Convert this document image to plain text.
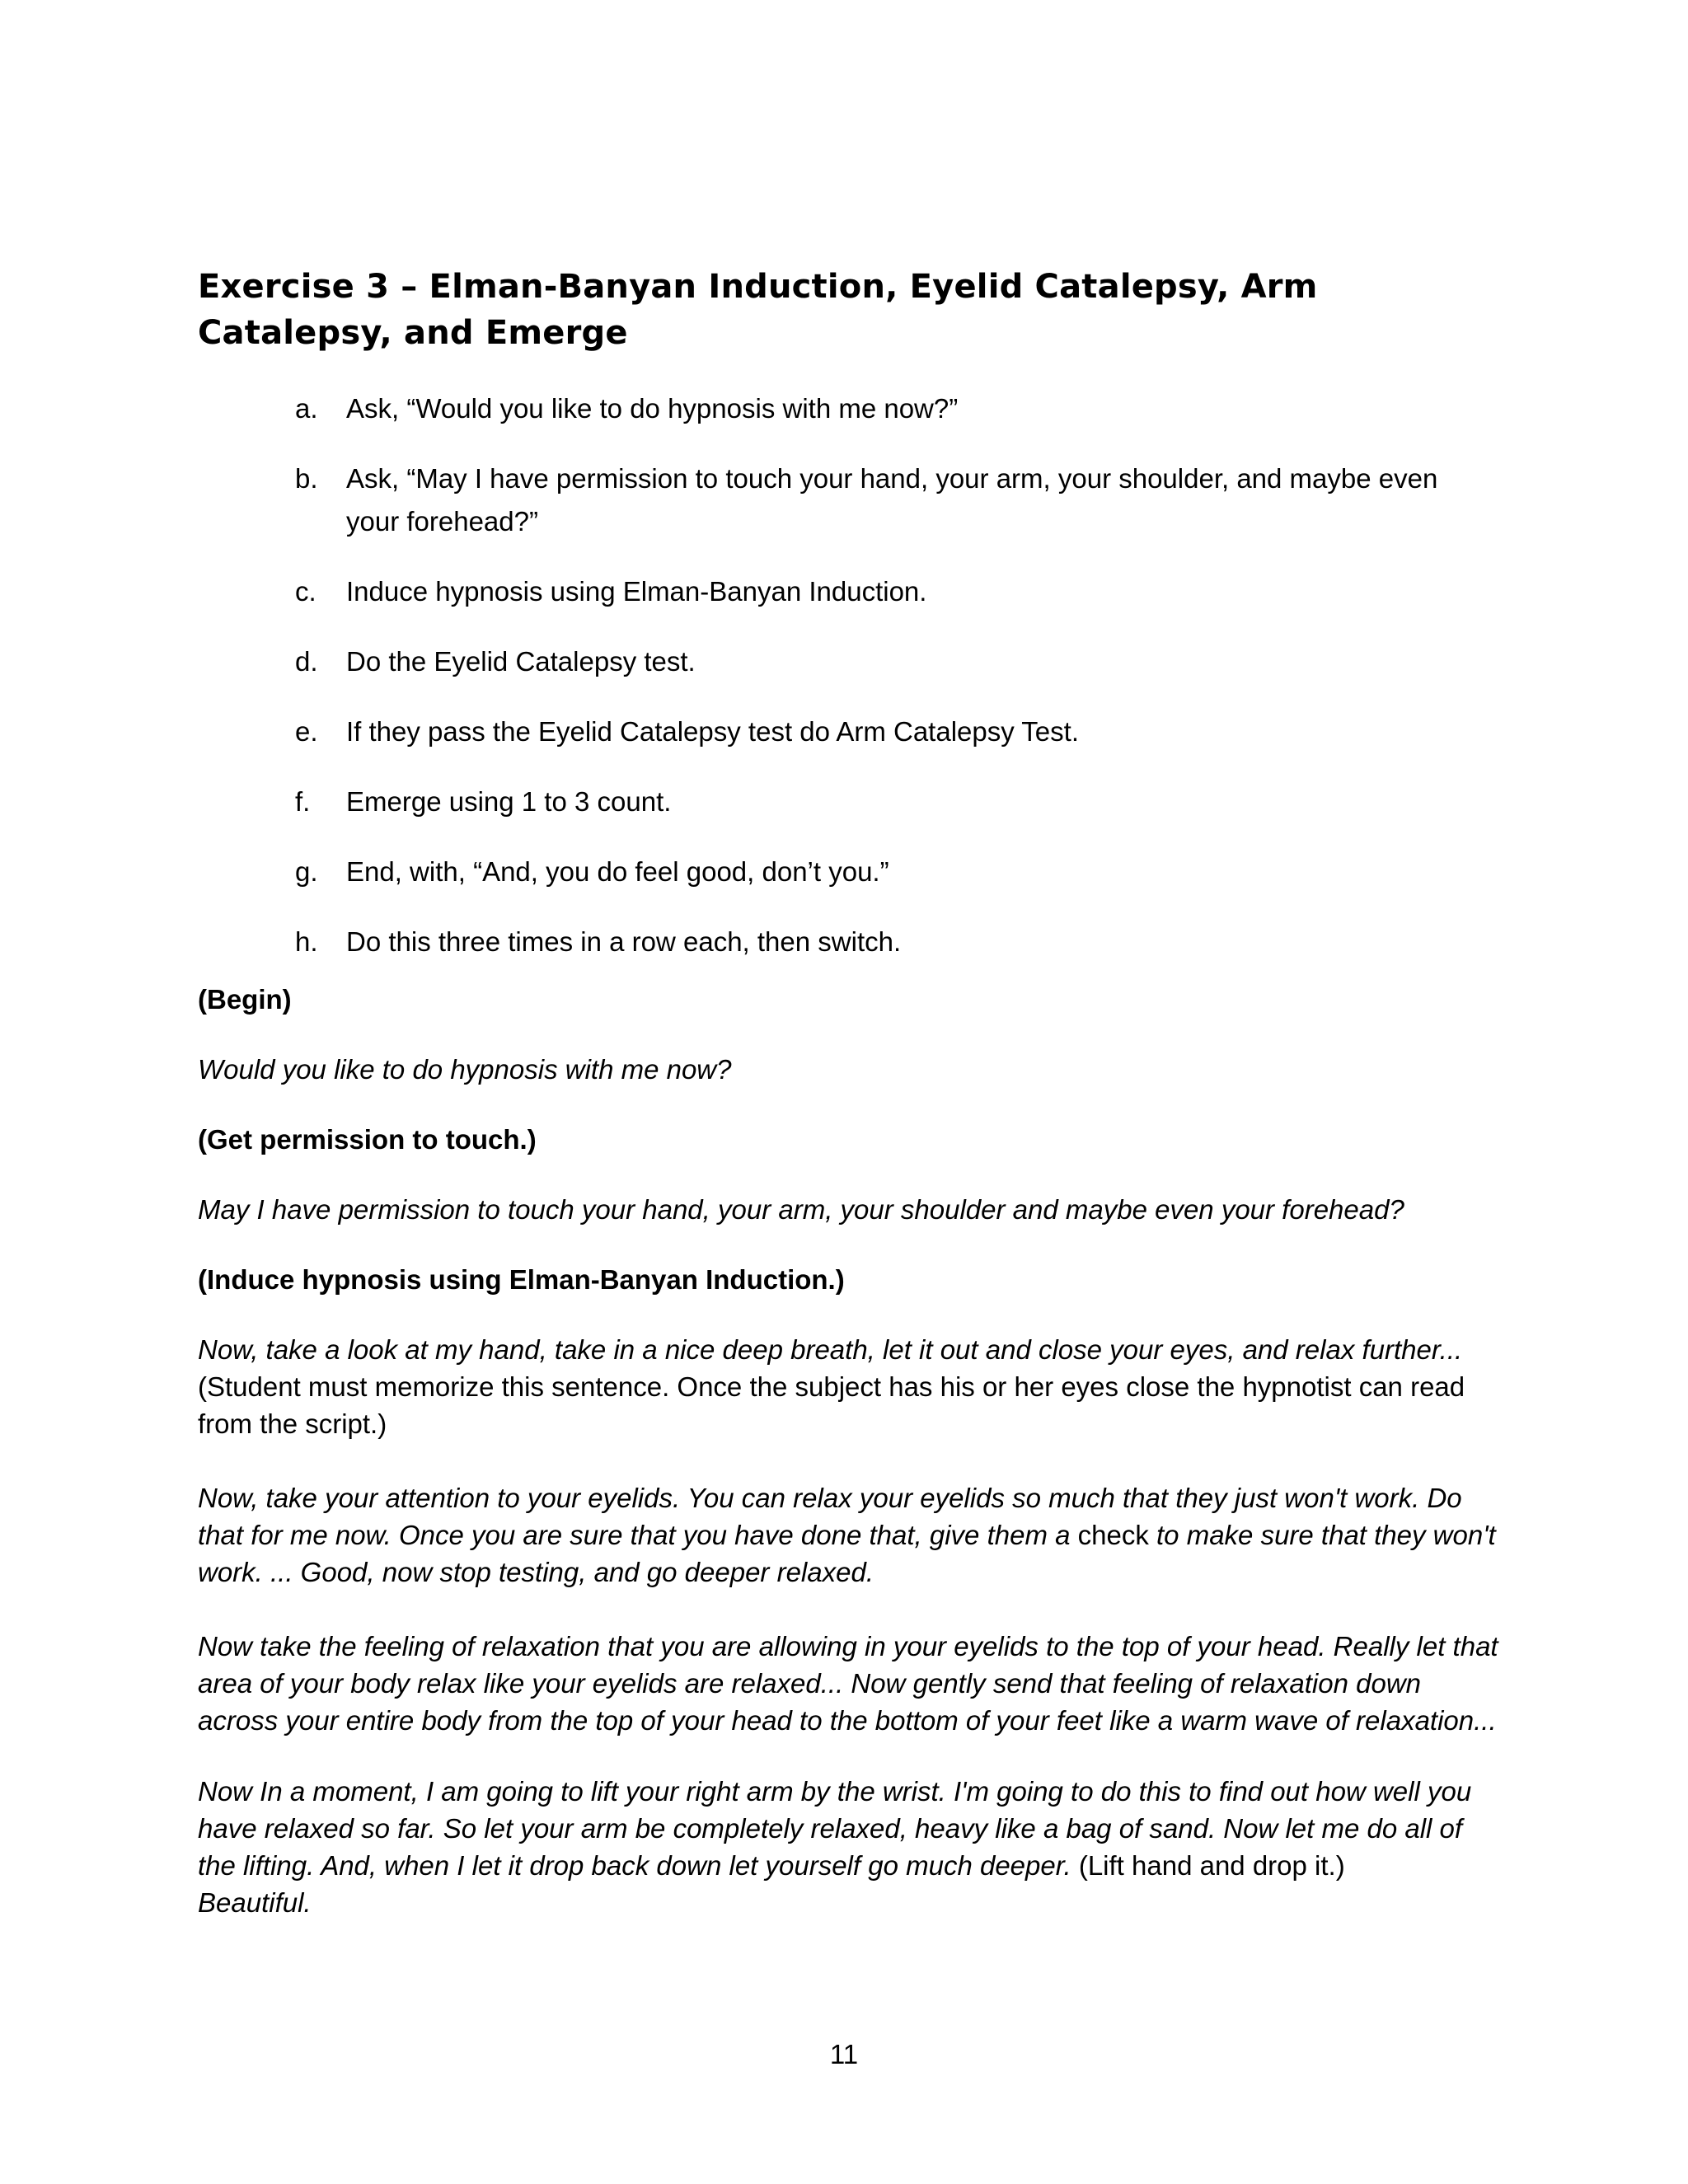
Exercise 3 – Elman-Banyan Induction, Eyelid Catalepsy, Arm
Catalepsy, and Emerge
a. Ask, “Would you like to do hypnosis with me now?”
b. Ask, “May I have permission to touch your hand, your arm, your shoulder, and maybe even your forehead?”
c. Induce hypnosis using Elman-Banyan Induction.
d. Do the Eyelid Catalepsy test.
e. If they pass the Eyelid Catalepsy test do Arm Catalepsy Test.
f. Emerge using 1 to 3 count.
g. End, with, “And, you do feel good, don’t you.”
h. Do this three times in a row each, then switch.

(Begin)

Would you like to do hypnosis with me now?

(Get permission to touch.)

May I have permission to touch your hand, your arm, your shoulder and maybe even your forehead?

(Induce hypnosis using Elman-Banyan Induction.)

Now, take a look at my hand, take in a nice deep breath, let it out and close your eyes, and relax further... (Student must memorize this sentence. Once the subject has his or her eyes close the hypnotist can read from the script.)

Now, take your attention to your eyelids. You can relax your eyelids so much that they just won't work. Do that for me now. Once you are sure that you have done that, give them a check to make sure that they won't work. ... Good, now stop testing, and go deeper relaxed.

Now take the feeling of relaxation that you are allowing in your eyelids to the top of your head. Really let that area of your body relax like your eyelids are relaxed... Now gently send that feeling of relaxation down across your entire body from the top of your head to the bottom of your feet like a warm wave of relaxation...

Now In a moment, I am going to lift your right arm by the wrist. I'm going to do this to find out how well you have relaxed so far. So let your arm be completely relaxed, heavy like a bag of sand. Now let me do all of the lifting. And, when I let it drop back down let yourself go much deeper. (Lift hand and drop it.)
Beautiful.

11
